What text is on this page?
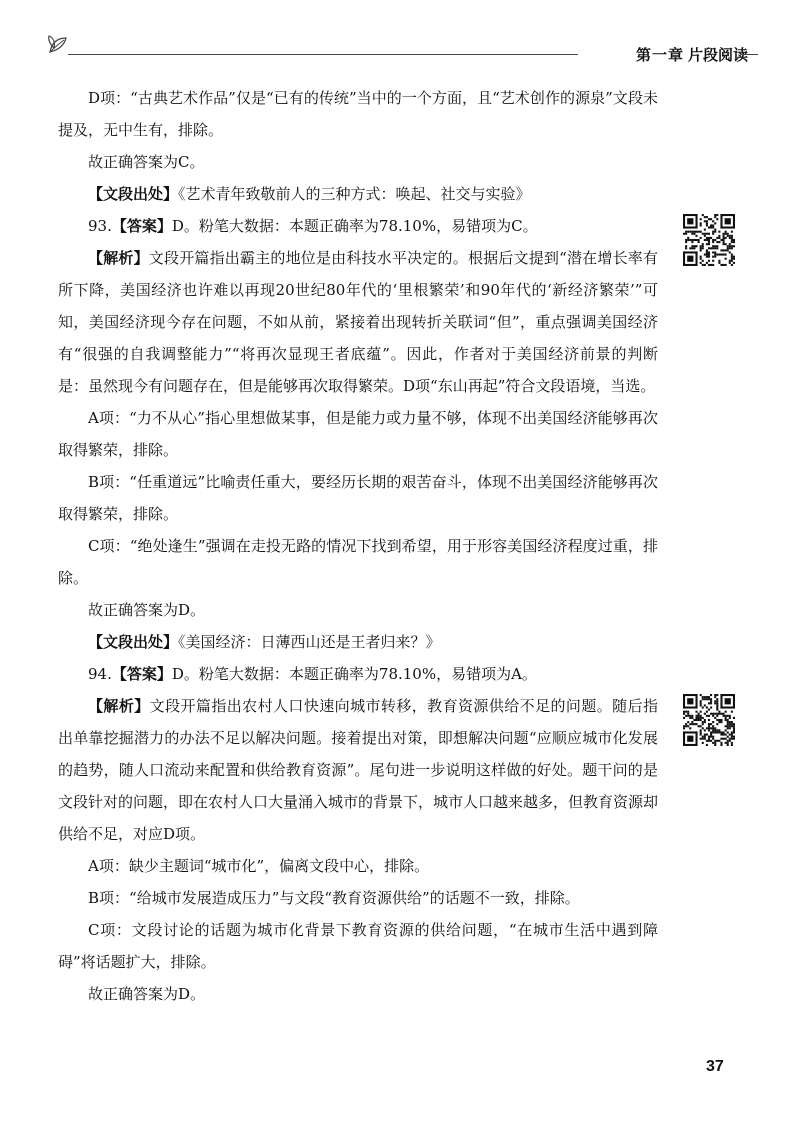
第一章 片段阅读

D项：“古典艺术作品”仅是“已有的传统”当中的一个方面，且“艺术创作的源泉”文段未提及，无中生有，排除。

故正确答案为C。

【文段出处】《艺术青年致敬前人的三种方式：唤起、社交与实验》

93.【答案】D。粉笔大数据：本题正确率为78.10%，易错项为C。

【解析】文段开篇指出霸主的地位是由科技水平决定的。根据后文提到“潜在增长率有所下降，美国经济也许难以再现20世纪80年代的‘里根繁荣’和90年代的‘新经济繁荣’”可知，美国经济现今存在问题，不如从前，紧接着出现转折关联词“但”，重点强调美国经济有“很强的自我调整能力”“将再次显现王者底蕴”。因此，作者对于美国经济前景的判断是：虽然现今有问题存在，但是能够再次取得繁荣。D项“东山再起”符合文段语境，当选。

A项：“力不从心”指心里想做某事，但是能力或力量不够，体现不出美国经济能够再次取得繁荣，排除。

B项：“任重道远”比喻责任重大，要经历长期的艰苦奋斗，体现不出美国经济能够再次取得繁荣，排除。

C项：“绝处逢生”强调在走投无路的情况下找到希望，用于形容美国经济程度过重，排除。

故正确答案为D。

【文段出处】《美国经济：日薄西山还是王者归来？》

94.【答案】D。粉笔大数据：本题正确率为78.10%，易错项为A。

【解析】文段开篇指出农村人口快速向城市转移，教育资源供给不足的问题。随后指出单靠挖掘潜力的办法不足以解决问题。接着提出对策，即想解决问题“应顺应城市化发展的趋势，随人口流动来配置和供给教育资源”。尾句进一步说明这样做的好处。题干问的是文段针对的问题，即在农村人口大量涌入城市的背景下，城市人口越来越多，但教育资源却供给不足，对应D项。

A项：缺少主题词“城市化”，偏离文段中心，排除。

B项：“给城市发展造成压力”与文段“教育资源供给”的话题不一致，排除。

C项：文段讨论的话题为城市化背景下教育资源的供给问题，“在城市生活中遇到障碍”将话题扩大，排除。

故正确答案为D。

37
